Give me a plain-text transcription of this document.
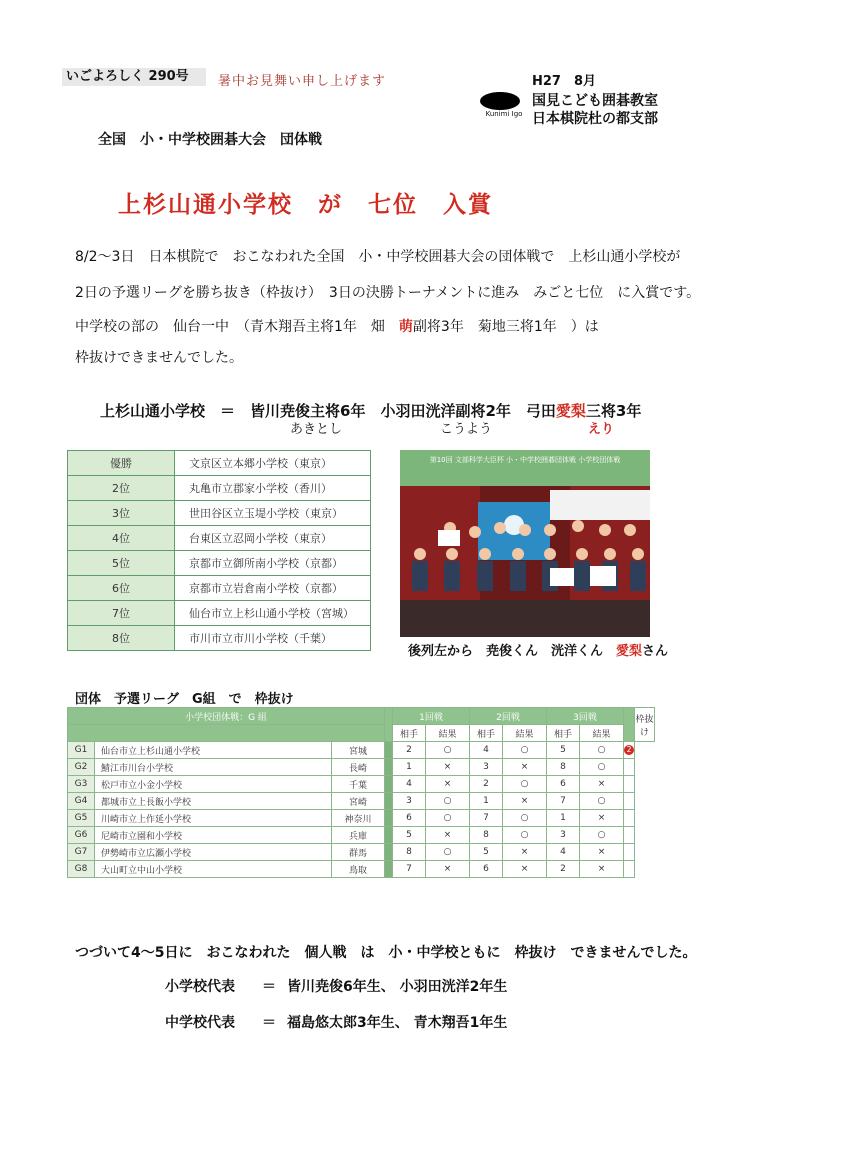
いごよろしく 290号	暑中お見舞い申し上げます	H27　8月
Kunimi Igo
国見こども囲碁教室
日本棋院杜の都支部
全国　小・中学校囲碁大会　団体戦
上杉山通小学校　が　七位　入賞
8/2～3日　日本棋院で　おこなわれた全国　小・中学校囲碁大会の団体戦で　上杉山通小学校が
2日の予選リーグを勝ち抜き（枠抜け）　3日の決勝トーナメントに進み　みごと七位　に入賞です。
中学校の部の　仙台一中　（青木翔吾主将1年　畑　萌副将3年　菊地三将1年　）は
枠抜けできませんでした。
上杉山通小学校　＝　皆川尭俊主将6年　小羽田洸洋副将2年　弓田愛梨三将3年
あきとし	こうよう	えり
優勝	文京区立本郷小学校（東京）
2位	丸亀市立郡家小学校（香川）
3位	世田谷区立玉堤小学校（東京）
4位	台東区立忍岡小学校（東京）
5位	京都市立御所南小学校（京都）
6位	京都市立岩倉南小学校（京都）
7位	仙台市立上杉山通小学校（宮城）
8位	市川市立市川小学校（千葉）
第10回 文部科学大臣杯 小・中学校囲碁団体戦 小学校団体戦
後列左から　尭俊くん　洸洋くん　愛梨さん
団体　予選リーグ　G組　で　枠抜け
小学校団体戦：G 組				1回戦		2回戦		3回戦			枠抜け
				相手	結果	相手	結果	相手	結果		
G1	仙台市立上杉山通小学校	宮城		2	○	4	○	5	○	2	
G2	鯖江市川台小学校	長崎		1	×	3	×	8	○		
G3	松戸市立小金小学校	千葉		4	×	2	○	6	×		
G4	都城市立上長飯小学校	宮崎		3	○	1	×	7	○		
G5	川崎市立上作延小学校	神奈川		6	○	7	○	1	×		
G6	尼崎市立園和小学校	兵庫		5	×	8	○	3	○		
G7	伊勢崎市立広瀬小学校	群馬		8	○	5	×	4	×		
G8	大山町立中山小学校	鳥取		7	×	6	×	2	×		
つづいて4～5日に　おこなわれた　個人戦　は　小・中学校ともに　枠抜け　できませんでした。
小学校代表 ＝ 皆川尭俊6年生、 小羽田洸洋2年生
中学校代表 ＝ 福島悠太郎3年生、 青木翔吾1年生
